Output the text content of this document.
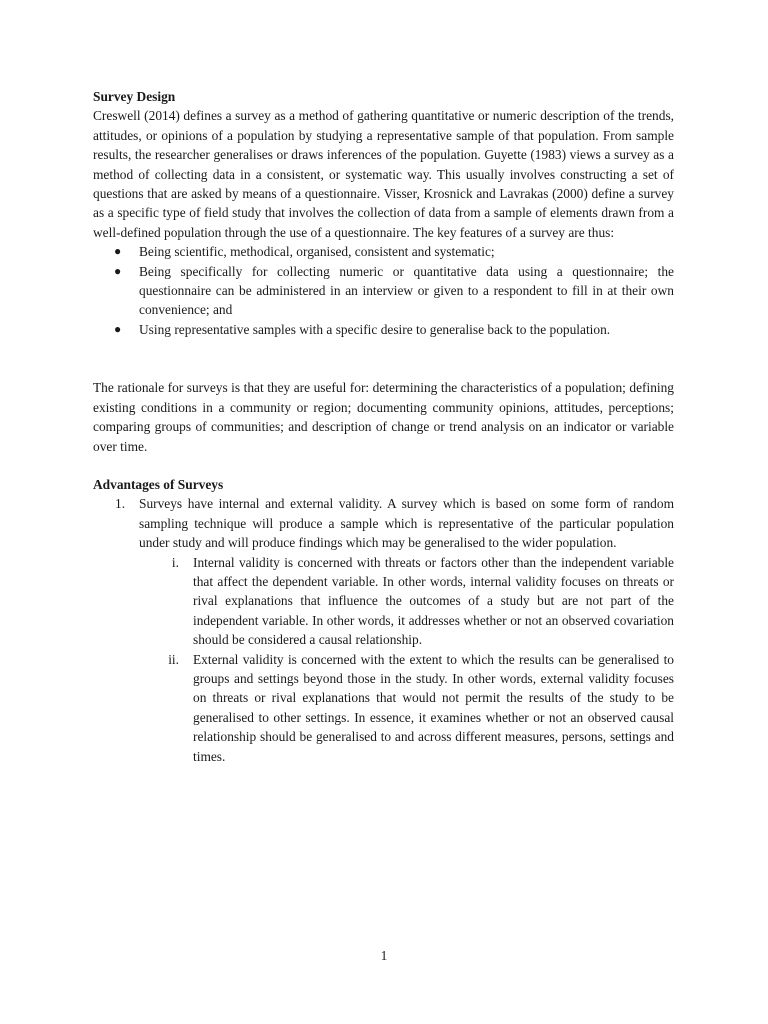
Survey Design

Creswell (2014) defines a survey as a method of gathering quantitative or numeric description of the trends, attitudes, or opinions of a population by studying a representative sample of that population. From sample results, the researcher generalises or draws inferences of the population. Guyette (1983) views a survey as a method of collecting data in a consistent, or systematic way. This usually involves constructing a set of questions that are asked by means of a questionnaire. Visser, Krosnick and Lavrakas (2000) define a survey as a specific type of field study that involves the collection of data from a sample of elements drawn from a well-defined population through the use of a questionnaire. The key features of a survey are thus:

● Being scientific, methodical, organised, consistent and systematic;
● Being specifically for collecting numeric or quantitative data using a questionnaire; the questionnaire can be administered in an interview or given to a respondent to fill in at their own convenience; and
● Using representative samples with a specific desire to generalise back to the population.

The rationale for surveys is that they are useful for: determining the characteristics of a population; defining existing conditions in a community or region; documenting community opinions, attitudes, perceptions; comparing groups of communities; and description of change or trend analysis on an indicator or variable over time.

Advantages of Surveys
1. Surveys have internal and external validity. A survey which is based on some form of random sampling technique will produce a sample which is representative of the particular population under study and will produce findings which may be generalised to the wider population.
i. Internal validity is concerned with threats or factors other than the independent variable that affect the dependent variable. In other words, internal validity focuses on threats or rival explanations that influence the outcomes of a study but are not part of the independent variable. In other words, it addresses whether or not an observed covariation should be considered a causal relationship.
ii. External validity is concerned with the extent to which the results can be generalised to groups and settings beyond those in the study. In other words, external validity focuses on threats or rival explanations that would not permit the results of the study to be generalised to other settings. In essence, it examines whether or not an observed causal relationship should be generalised to and across different measures, persons, settings and times.
1
